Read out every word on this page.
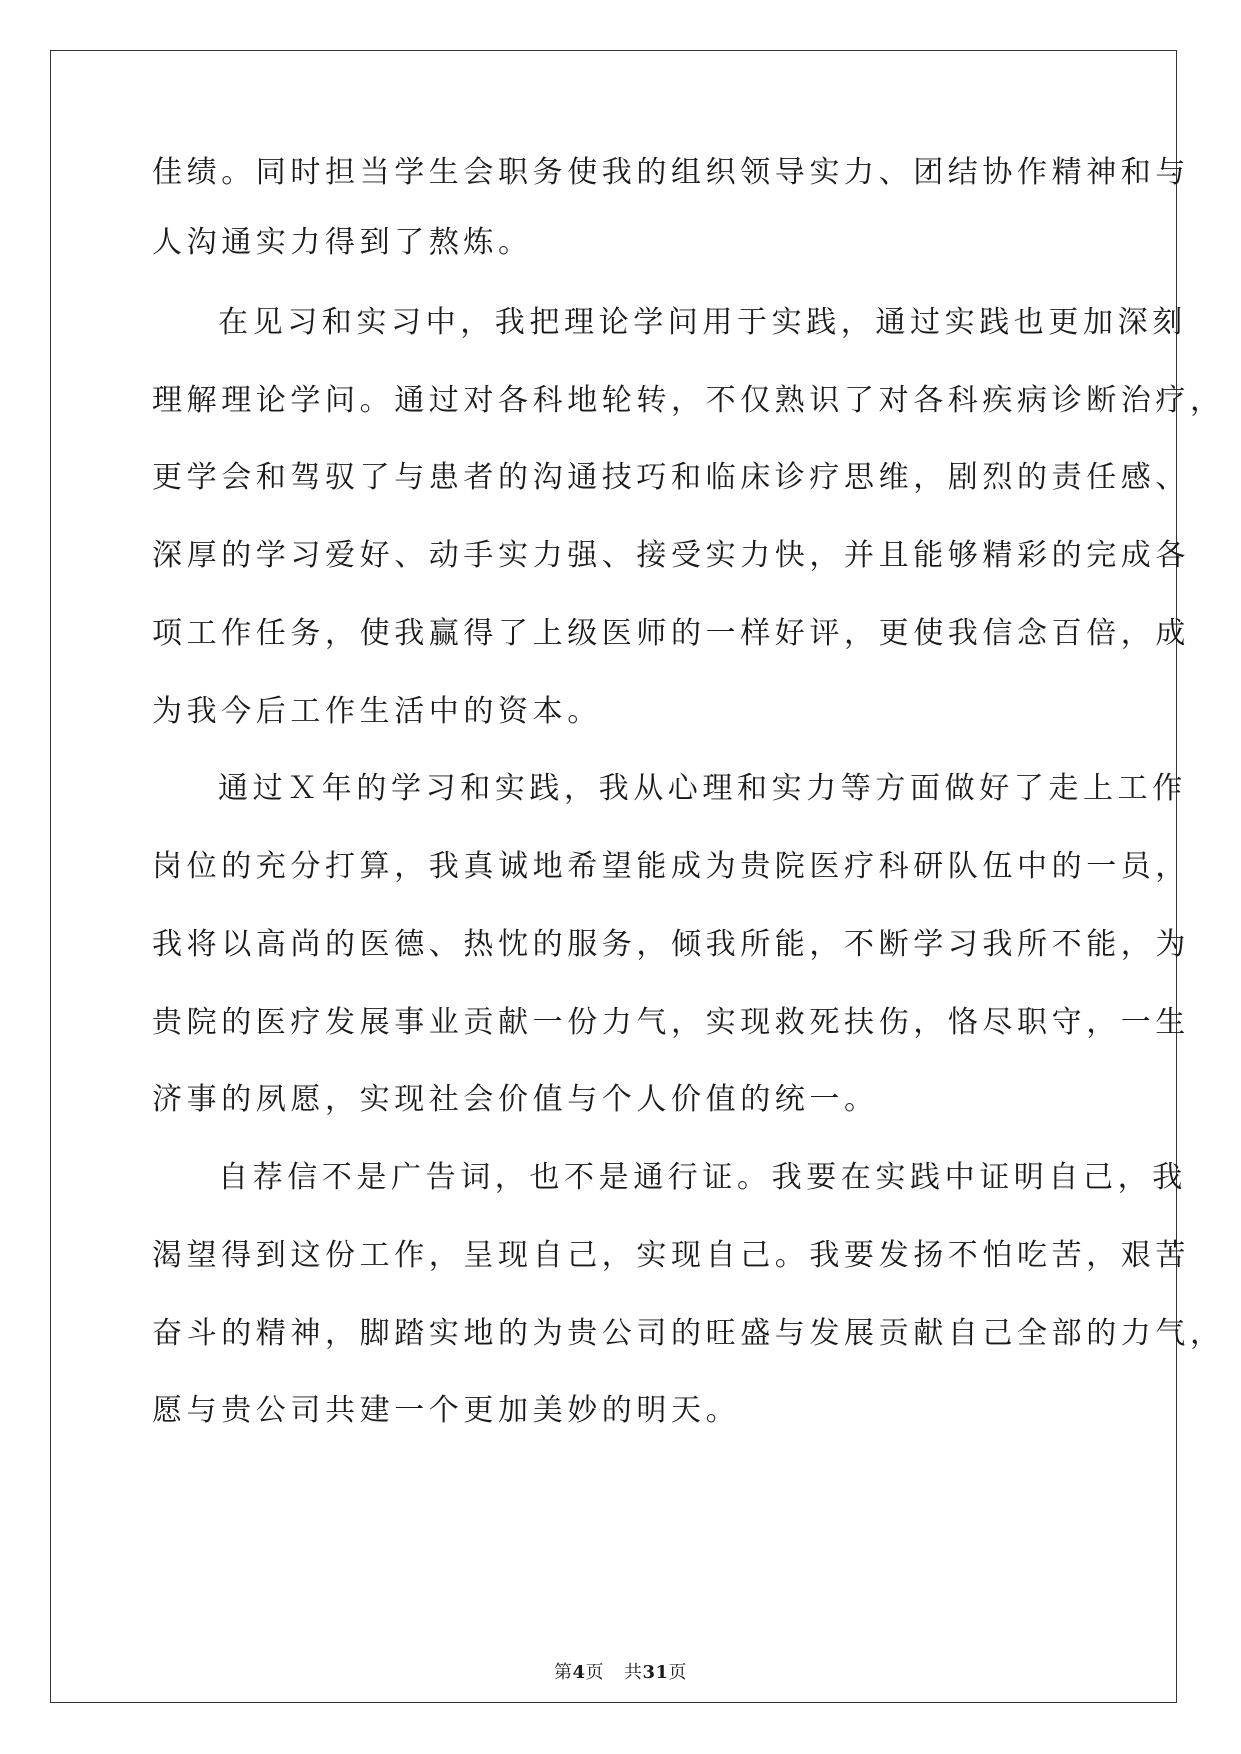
佳绩。同时担当学生会职务使我的组织领导实力、团结协作精神和与
人沟通实力得到了熬炼。
在见习和实习中，我把理论学问用于实践，通过实践也更加深刻
理解理论学问。通过对各科地轮转，不仅熟识了对各科疾病诊断治疗，
更学会和驾驭了与患者的沟通技巧和临床诊疗思维，剧烈的责任感、
深厚的学习爱好、动手实力强、接受实力快，并且能够精彩的完成各
项工作任务，使我赢得了上级医师的一样好评，更使我信念百倍，成
为我今后工作生活中的资本。
通过Ｘ年的学习和实践，我从心理和实力等方面做好了走上工作
岗位的充分打算，我真诚地希望能成为贵院医疗科研队伍中的一员，
我将以高尚的医德、热忱的服务，倾我所能，不断学习我所不能，为
贵院的医疗发展事业贡献一份力气，实现救死扶伤，恪尽职守，一生
济事的夙愿，实现社会价值与个人价值的统一。
自荐信不是广告词，也不是通行证。我要在实践中证明自己，我
渴望得到这份工作，呈现自己，实现自己。我要发扬不怕吃苦，艰苦
奋斗的精神，脚踏实地的为贵公司的旺盛与发展贡献自己全部的力气，
愿与贵公司共建一个更加美妙的明天。
第4页 共31页
